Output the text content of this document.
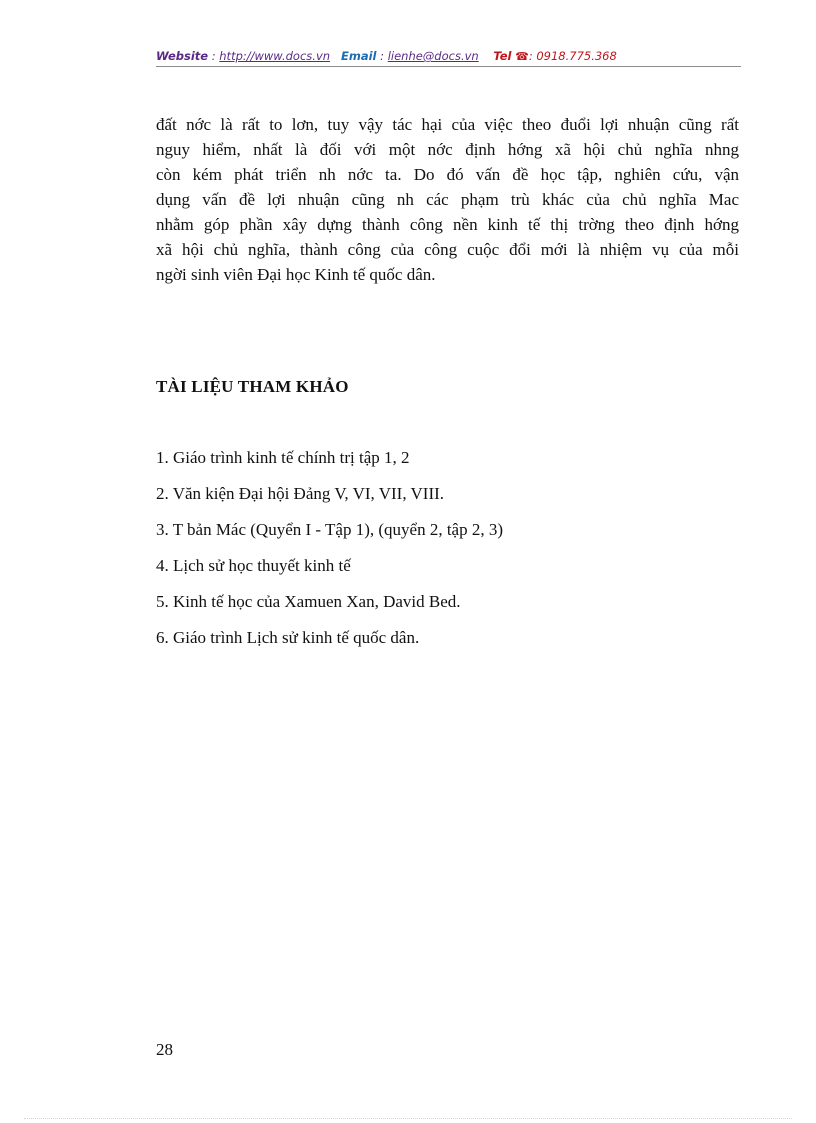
Website : http://www.docs.vn Email : lienhe@docs.vn Tel ☎: 0918.775.368
đất nớc là rất to lơn, tuy vậy tác hại của việc theo đuổi lợi nhuận cũng rất
nguy hiểm, nhất là đối với một nớc định hớng xã hội chủ nghĩa nhng
còn kém phát triển nh nớc ta. Do đó vấn đề học tập, nghiên cứu, vận
dụng vấn đề lợi nhuận cũng nh các phạm trù khác của chủ nghĩa Mac
nhằm góp phần xây dựng thành công nền kinh tế thị trờng theo định hớng
xã hội chủ nghĩa, thành công của công cuộc đổi mới là nhiệm vụ của mỗi
ngời sinh viên Đại học Kinh tế quốc dân.
TÀI LIỆU THAM KHẢO
1. Giáo trình kinh tế chính trị tập 1, 2
2. Văn kiện Đại hội Đảng V, VI, VII, VIII.
3. T bản Mác (Quyển I - Tập 1), (quyển 2, tập 2, 3)
4. Lịch sử học thuyết kinh tế
5. Kinh tế học của Xamuen Xan, David Bed.
6. Giáo trình Lịch sử kinh tế quốc dân.
28
